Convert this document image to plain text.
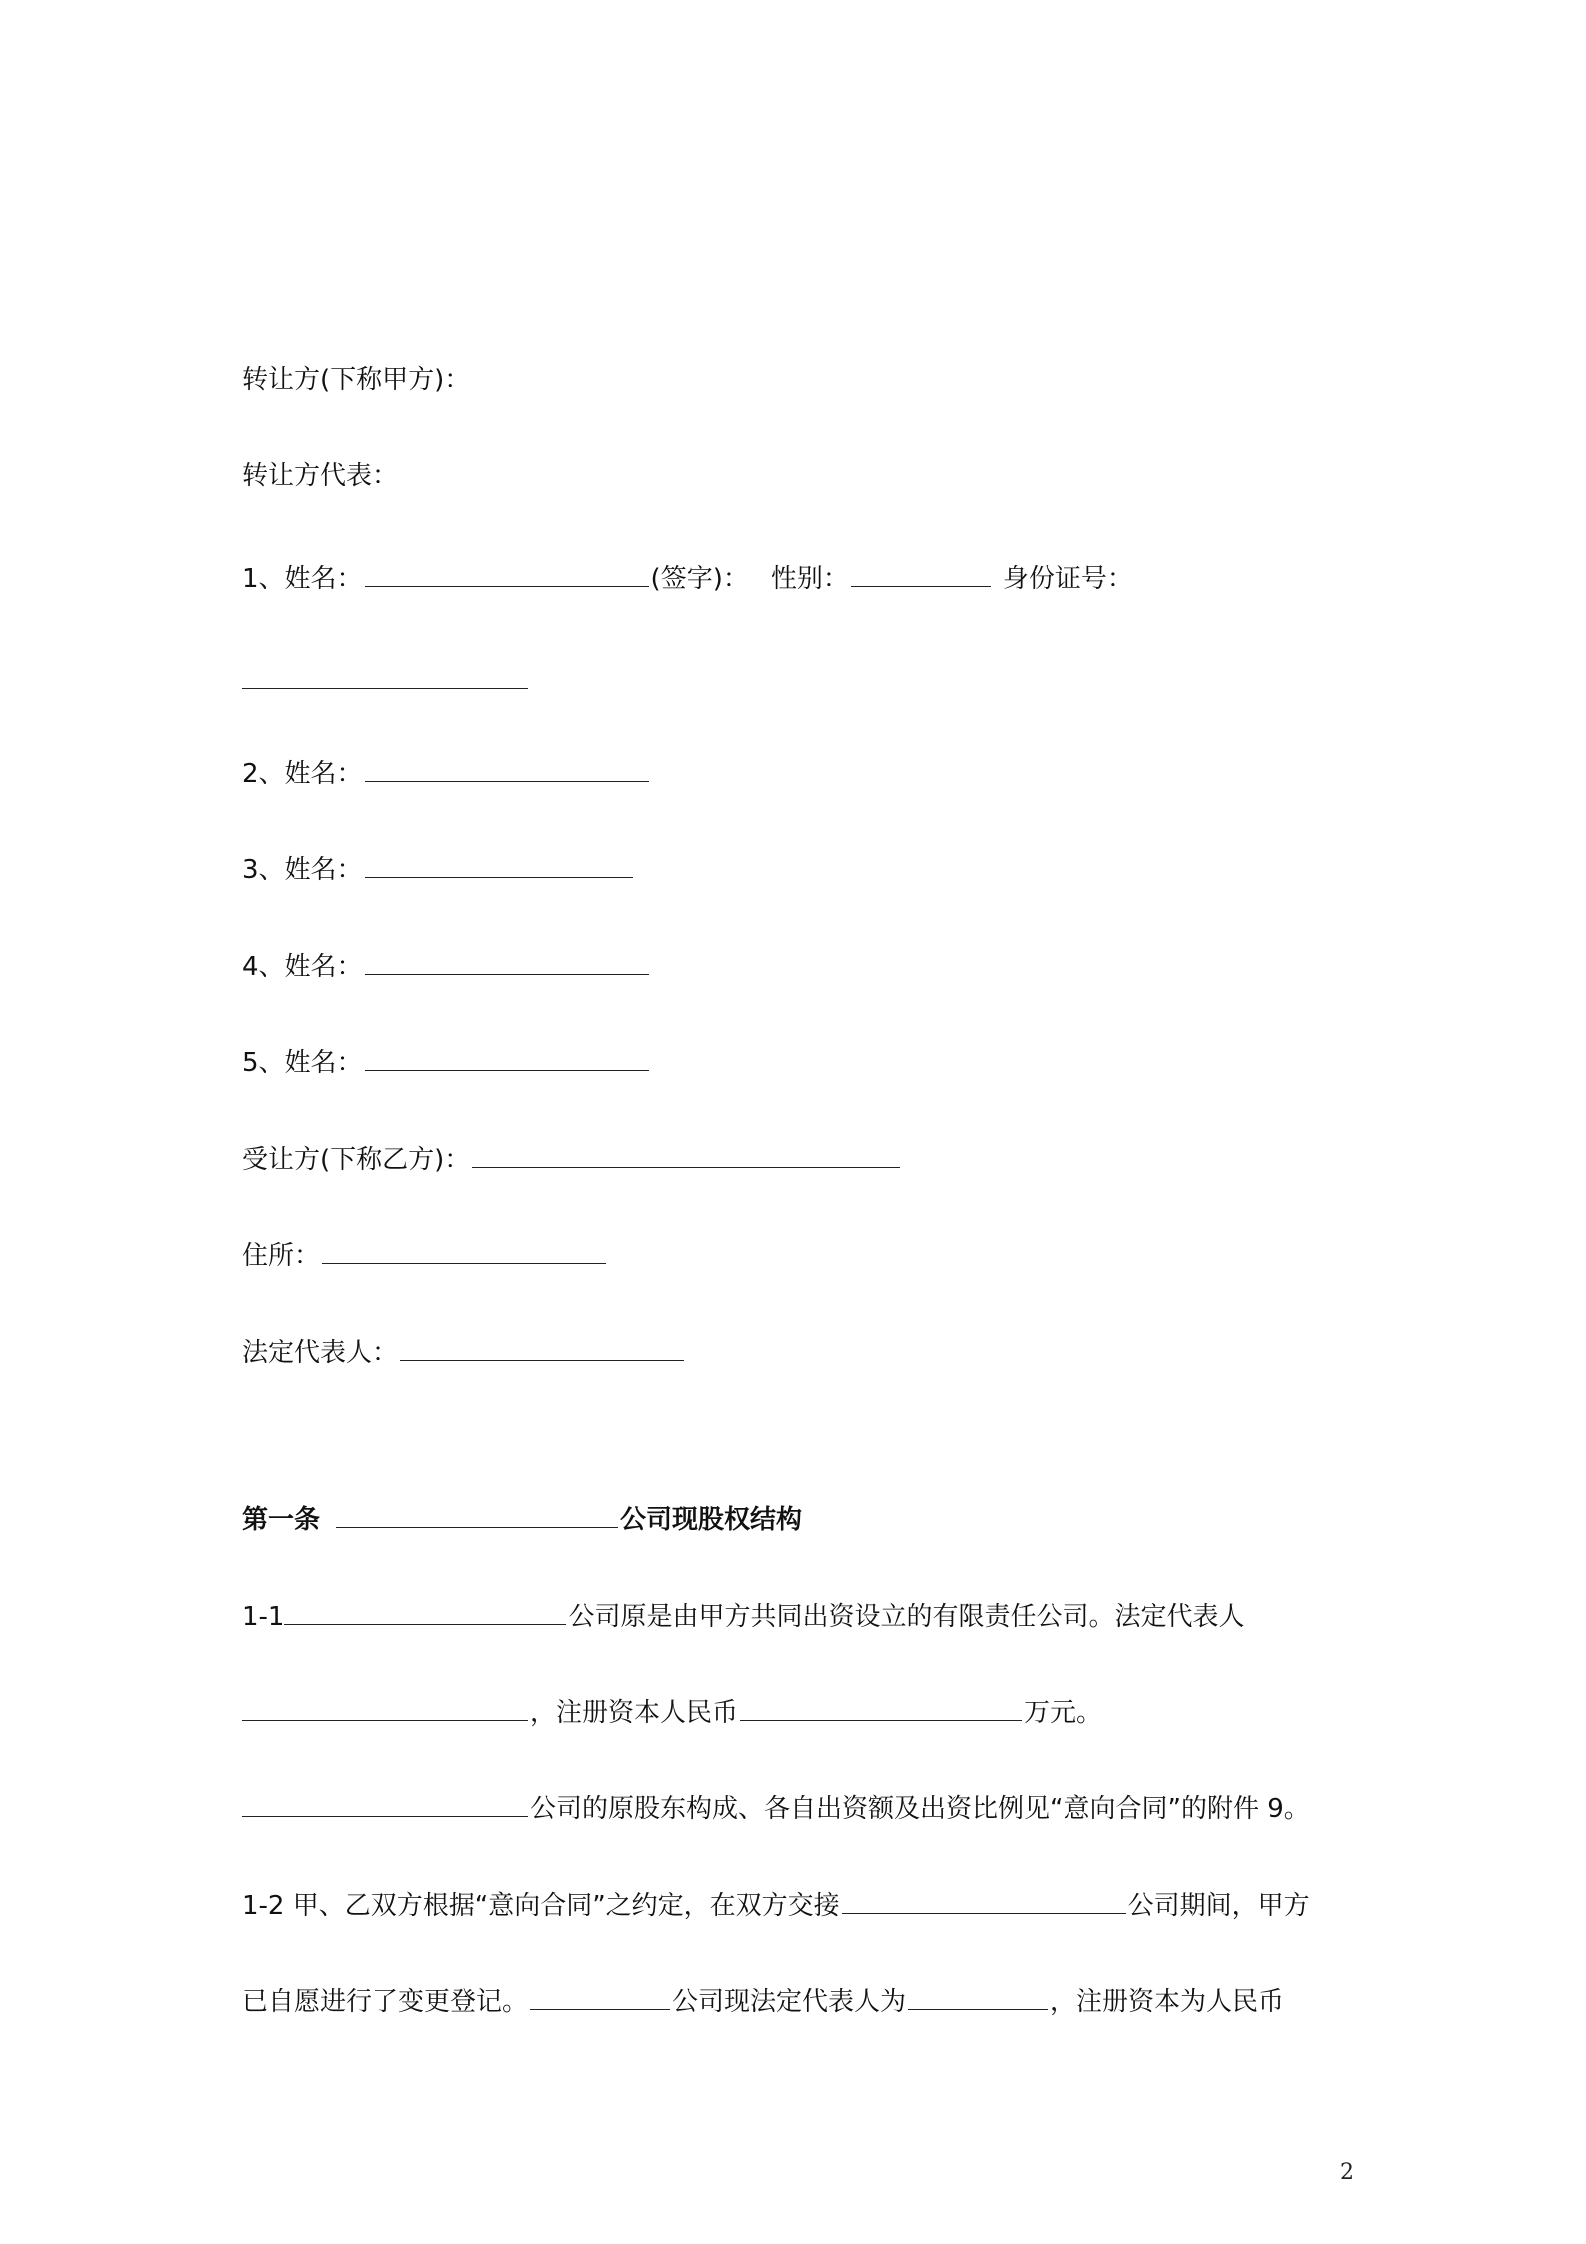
转让方(下称甲方)：
转让方代表：
1、姓名：	(签字)： 性别：	身份证号：
2、姓名：
3、姓名：
4、姓名：
5、姓名：
受让方(下称乙方)：
住所：
法定代表人：
第一条	公司现股权结构
1-1	公司原是由甲方共同出资设立的有限责任公司。法定代表人
，注册资本人民币	万元。
公司的原股东构成、各自出资额及出资比例见“意向合同”的附件 9。
1-2 甲、乙双方根据“意向合同”之约定，在双方交接	公司期间，甲方
已自愿进行了变更登记。	公司现法定代表人为	，注册资本为人民币
2
